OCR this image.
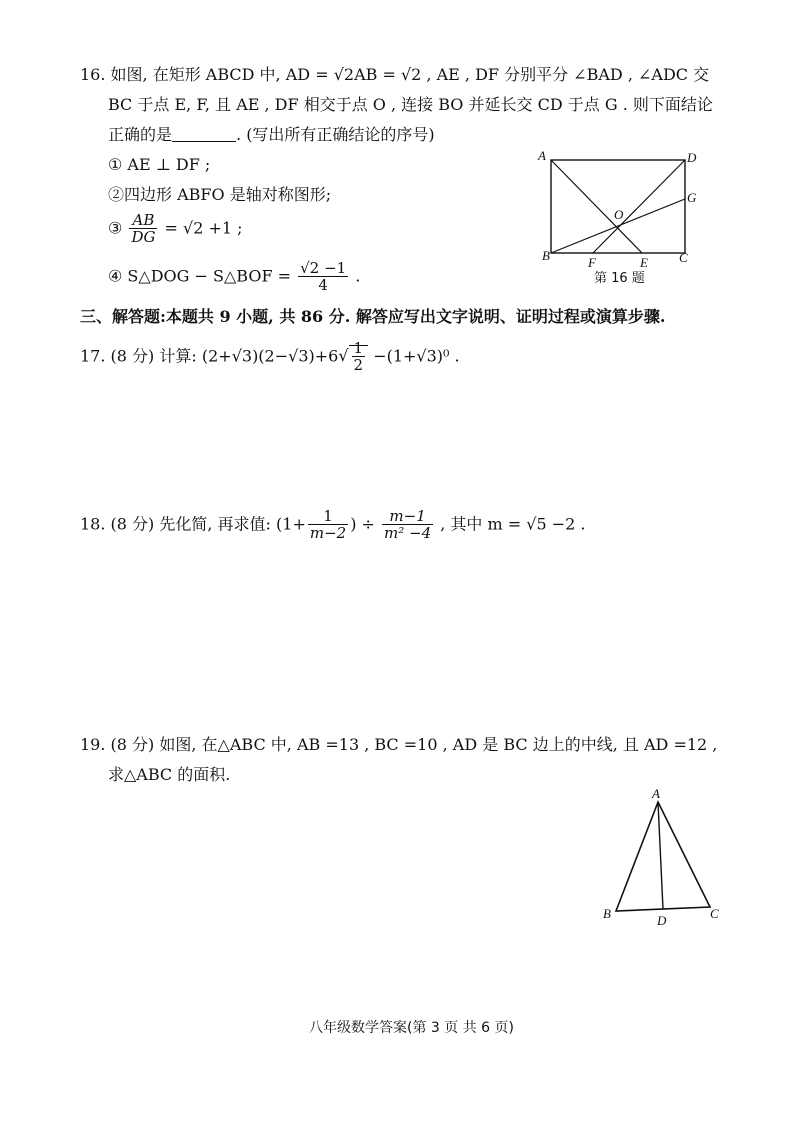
16. 如图, 在矩形 ABCD 中, AD = √2AB = √2 , AE , DF 分别平分 ∠BAD , ∠ADC 交
BC 于点 E, F, 且 AE , DF 相交于点 O , 连接 BO 并延长交 CD 于点 G . 则下面结论
正确的是	. (写出所有正确结论的序号)
① AE ⊥ DF ;
②四边形 ABFO 是轴对称图形;
③ $\frac{AB}{DG} = √2 +1$ ;
④ S△DOG − S△BOF = $\frac{√2 -1}{4}$ .
A	D
G
O
B	F	E C
第 16 题
三、解答题:本题共 9 小题, 共 86 分. 解答应写出文字说明、证明过程或演算步骤.
17. (8 分) 计算: $(2+√3)(2-√3)+6√ \frac{1}{2} -(1+√3)^0$ .
18. (8 分) 先化简, 再求值: ($1+ \frac{1}{m-2}$ ) ÷ $\frac{m-1}{\text{m² −4}}$ , 其中 m = √5 −2 .
19. (8 分) 如图, 在△ABC 中, AB =13 , BC =10 , AD 是 BC 边上的中线, 且 AD =12 ,
求△ABC 的面积.
A
B	D	C
八年级数学答案(第 3 页 共 6 页)
